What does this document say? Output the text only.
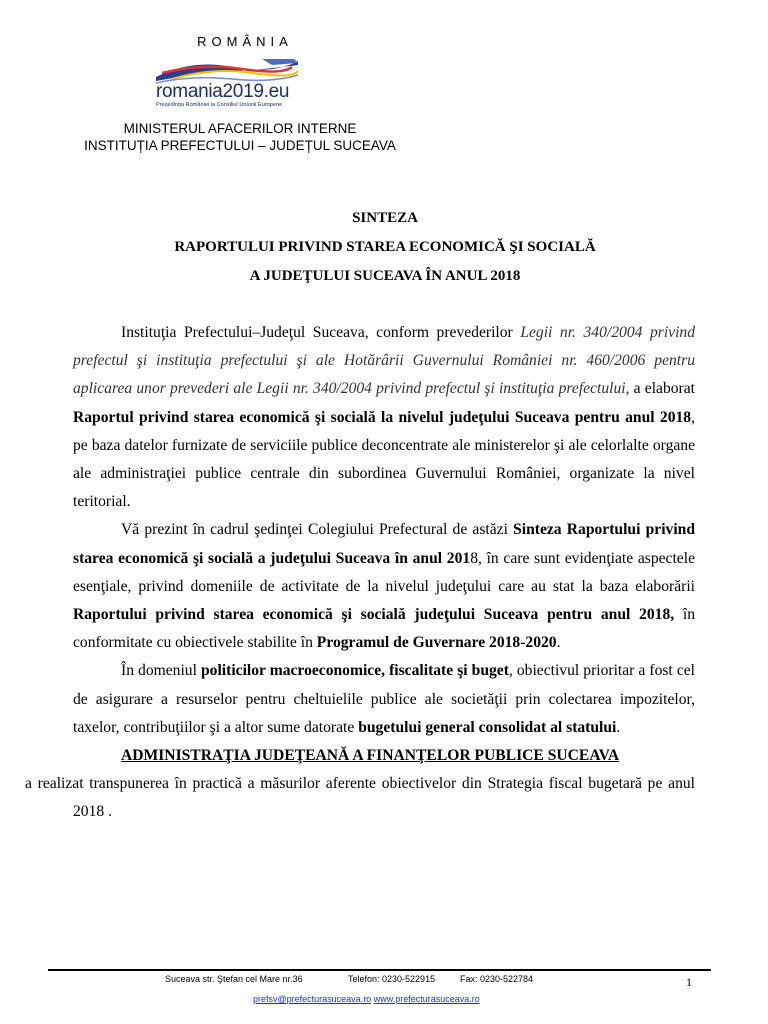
ROMÂNIA
romania2019.eu
Președinția României la Consiliul Uniunii Europene
MINISTERUL AFACERILOR INTERNE
INSTITUȚIA PREFECTULUI – JUDEȚUL SUCEAVA
SINTEZA
RAPORTULUI PRIVIND STAREA ECONOMICĂ ŞI SOCIALĂ
A JUDEŢULUI SUCEAVA ÎN ANUL 2018

Instituţia Prefectului–Judeţul Suceava, conform prevederilor Legii nr. 340/2004 privind prefectul şi instituţia prefectului şi ale Hotărârii Guvernului României nr. 460/2006 pentru aplicarea unor prevederi ale Legii nr. 340/2004 privind prefectul şi instituţia prefectului, a elaborat Raportul privind starea economică şi socială la nivelul judeţului Suceava pentru anul 2018, pe baza datelor furnizate de serviciile publice deconcentrate ale ministerelor şi ale celorlalte organe ale administraţiei publice centrale din subordinea Guvernului României, organizate la nivel teritorial.

Vă prezint în cadrul şedinţei Colegiului Prefectural de astăzi Sinteza Raportului privind starea economică şi socială a judeţului Suceava în anul 2018, în care sunt evidenţiate aspectele esenţiale, privind domeniile de activitate de la nivelul judeţului care au stat la baza elaborării Raportului privind starea economică şi socială judeţului Suceava pentru anul 2018, în conformitate cu obiectivele stabilite în Programul de Guvernare 2018-2020.

În domeniul politicilor macroeconomice, fiscalitate şi buget, obiectivul prioritar a fost cel de asigurare a resurselor pentru cheltuielile publice ale societăţii prin colectarea impozitelor, taxelor, contribuţiilor şi a altor sume datorate bugetului general consolidat al statului.

ADMINISTRAŢIA JUDEŢEANĂ A FINANŢELOR PUBLICE SUCEAVA
a realizat transpunerea în practică a măsurilor aferente obiectivelor din Strategia fiscal bugetară pe anul 2018 .

Suceava str. Ştefan cel Mare nr.36	Telefon: 0230-522915	Fax: 0230-522784	1
prefsv@prefecturasuceava.ro www.prefecturasuceava.ro
